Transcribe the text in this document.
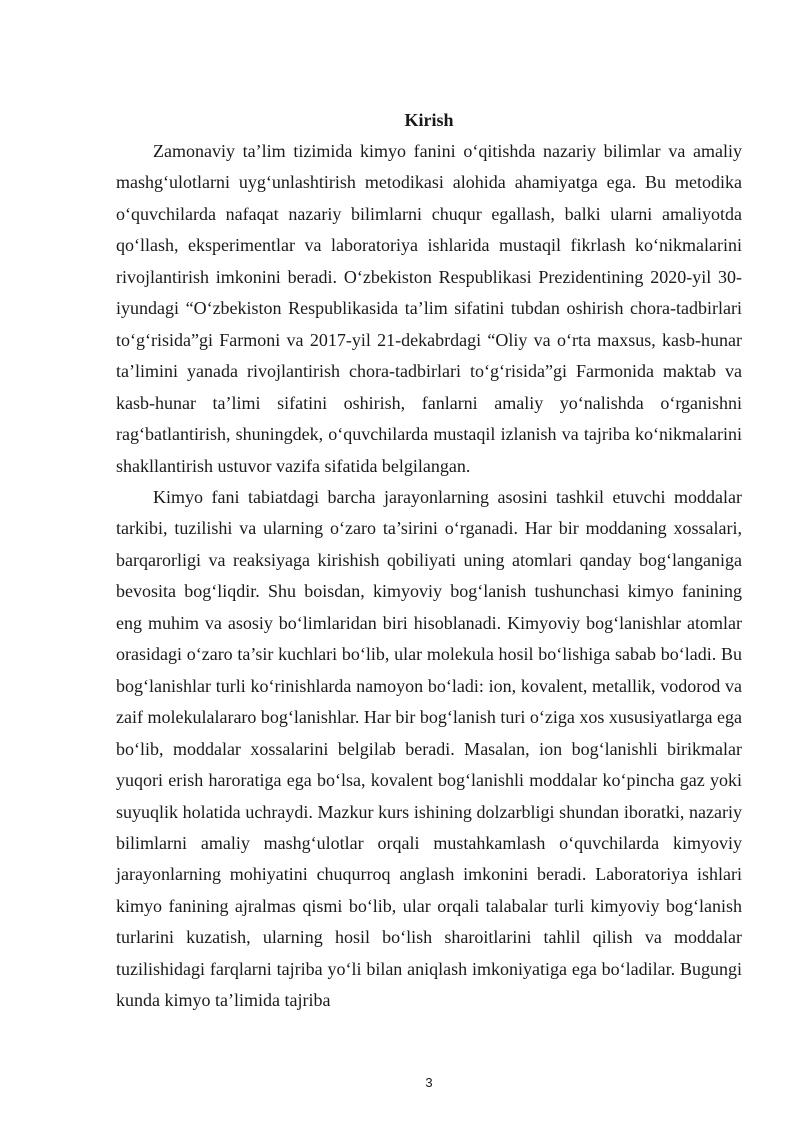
Kirish

Zamonaviy ta’lim tizimida kimyo fanini oʻqitishda nazariy bilimlar va amaliy mashgʻulotlarni uygʻunlashtirish metodikasi alohida ahamiyatga ega. Bu metodika oʻquvchilarda nafaqat nazariy bilimlarni chuqur egallash, balki ularni amaliyotda qoʻllash, eksperimentlar va laboratoriya ishlarida mustaqil fikrlash koʻnikmalarini rivojlantirish imkonini beradi. Oʻzbekiston Respublikasi Prezidentining 2020-yil 30-iyundagi “Oʻzbekiston Respublikasida ta’lim sifatini tubdan oshirish chora-tadbirlari toʻgʻrisida”gi Farmoni va 2017-yil 21-dekabrdagi “Oliy va oʻrta maxsus, kasb-hunar ta’limini yanada rivojlantirish chora-tadbirlari toʻgʻrisida”gi Farmonida maktab va kasb-hunar ta’limi sifatini oshirish, fanlarni amaliy yoʻnalishda oʻrganishni ragʻbatlantirish, shuningdek, oʻquvchilarda mustaqil izlanish va tajriba koʻnikmalarini shakllantirish ustuvor vazifa sifatida belgilangan.

Kimyo fani tabiatdagi barcha jarayonlarning asosini tashkil etuvchi moddalar tarkibi, tuzilishi va ularning oʻzaro ta’sirini oʻrganadi. Har bir moddaning xossalari, barqarorligi va reaksiyaga kirishish qobiliyati uning atomlari qanday bogʻlanganiga bevosita bogʻliqdir. Shu boisdan, kimyoviy bogʻlanish tushunchasi kimyo fanining eng muhim va asosiy boʻlimlaridan biri hisoblanadi. Kimyoviy bogʻlanishlar atomlar orasidagi oʻzaro ta’sir kuchlari boʻlib, ular molekula hosil boʻlishiga sabab boʻladi. Bu bogʻlanishlar turli koʻrinishlarda namoyon boʻladi: ion, kovalent, metallik, vodorod va zaif molekulalararo bogʻlanishlar. Har bir bogʻlanish turi oʻziga xos xususiyatlarga ega boʻlib, moddalar xossalarini belgilab beradi. Masalan, ion bogʻlanishli birikmalar yuqori erish haroratiga ega boʻlsa, kovalent bogʻlanishli moddalar koʻpincha gaz yoki suyuqlik holatida uchraydi. Mazkur kurs ishining dolzarbligi shundan iboratki, nazariy bilimlarni amaliy mashgʻulotlar orqali mustahkamlash oʻquvchilarda kimyoviy jarayonlarning mohiyatini chuqurroq anglash imkonini beradi. Laboratoriya ishlari kimyo fanining ajralmas qismi boʻlib, ular orqali talabalar turli kimyoviy bogʻlanish turlarini kuzatish, ularning hosil boʻlish sharoitlarini tahlil qilish va moddalar tuzilishidagi farqlarni tajriba yoʻli bilan aniqlash imkoniyatiga ega boʻladilar. Bugungi kunda kimyo ta’limida tajriba

3
